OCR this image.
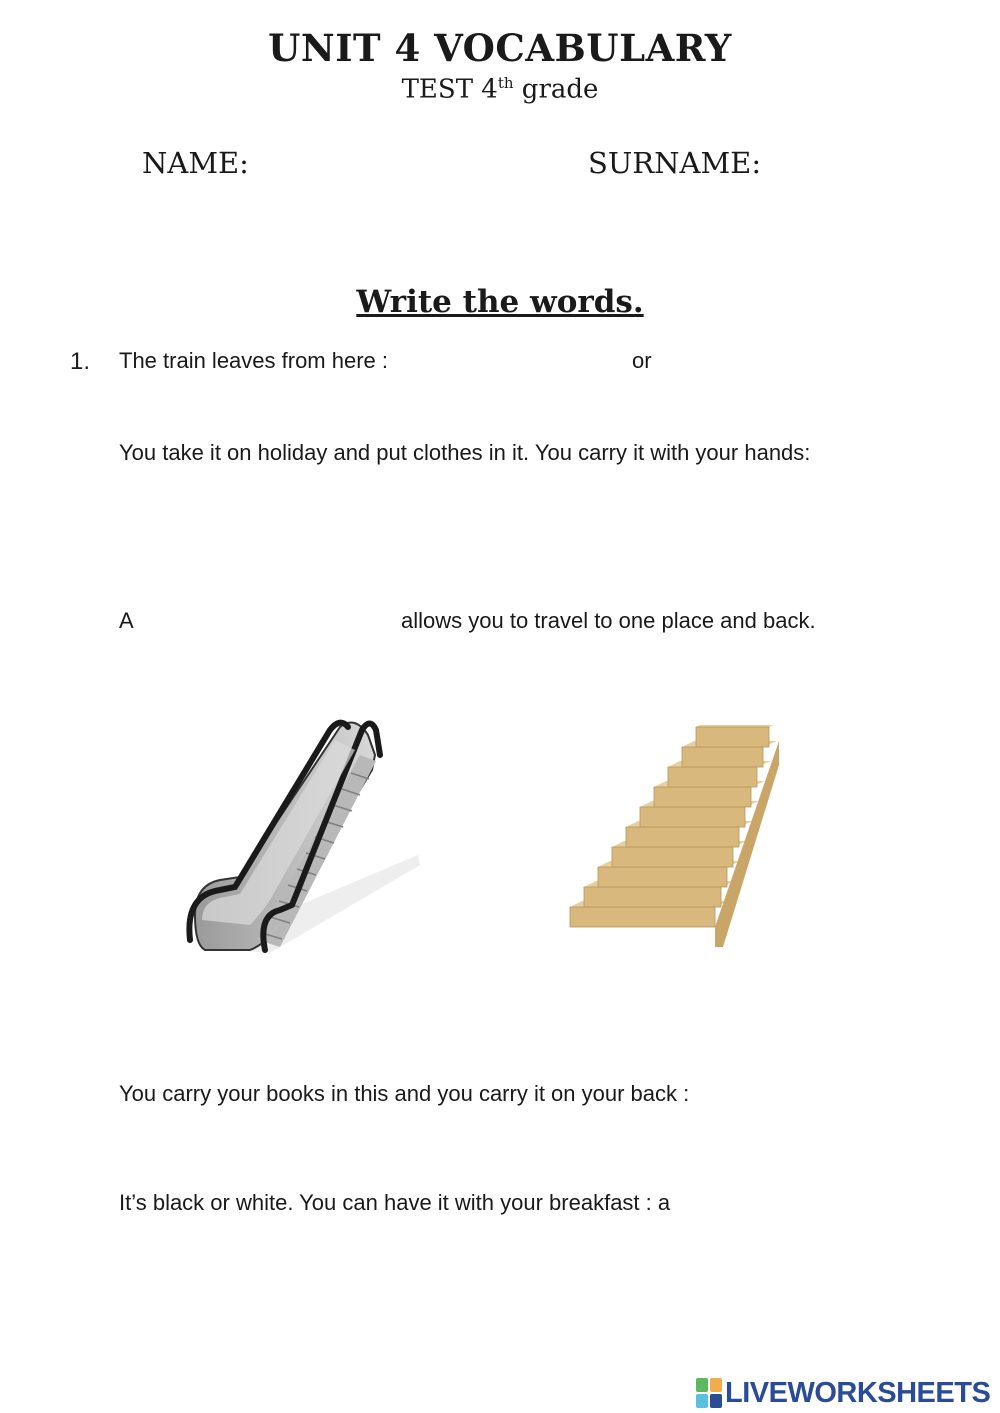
UNIT 4 VOCABULARY
TEST 4th grade
NAME:	SURNAME:
Write the words.
1. The train leaves from here :	or
You take it on holiday and put clothes in it. You carry it with your hands:
A	allows you to travel to one place and back.
You carry your books in this and you carry it on your back :
It’s black or white. You can have it with your breakfast : a
LIVEWORKSHEETS
